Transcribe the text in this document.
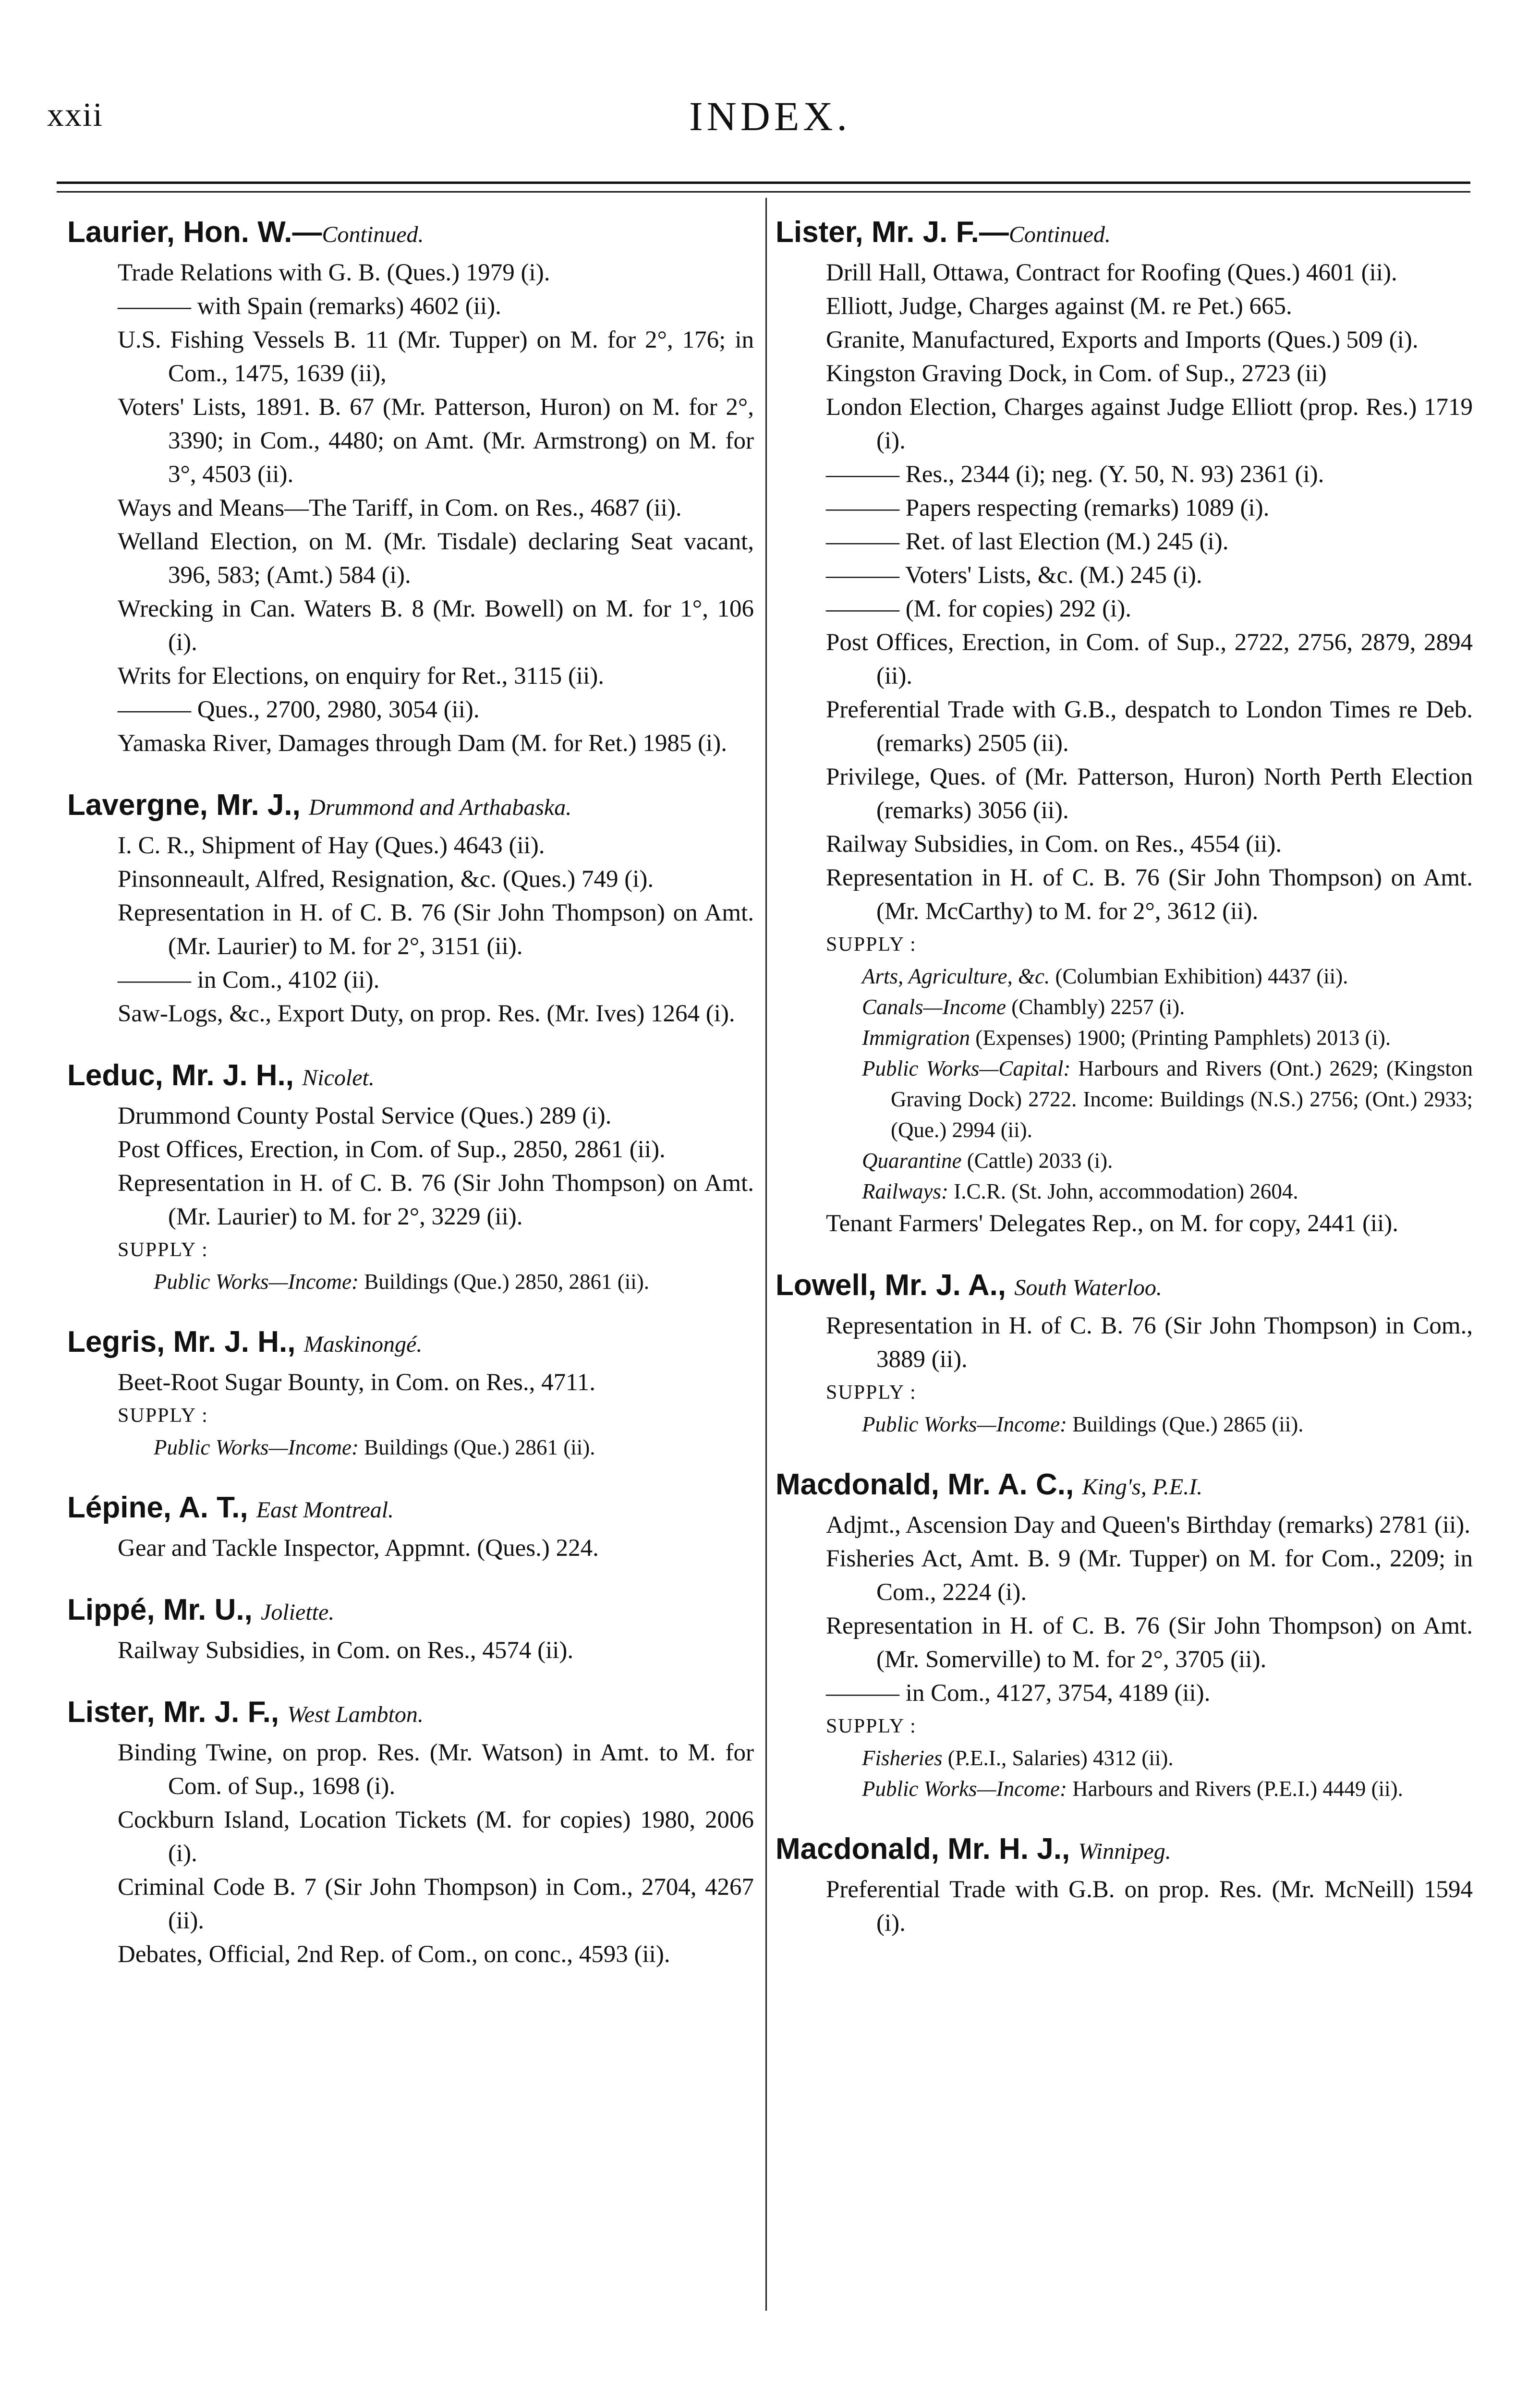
xxii	INDEX.
Laurier, Hon. W.—Continued.
Trade Relations with G. B. (Ques.) 1979 (i).
——— with Spain (remarks) 4602 (ii).
U.S. Fishing Vessels B. 11 (Mr. Tupper) on M. for 2°, 176; in Com., 1475, 1639 (ii),
Voters' Lists, 1891. B. 67 (Mr. Patterson, Huron) on M. for 2°, 3390; in Com., 4480; on Amt. (Mr. Armstrong) on M. for 3°, 4503 (ii).
Ways and Means—The Tariff, in Com. on Res., 4687 (ii).
Welland Election, on M. (Mr. Tisdale) declaring Seat vacant, 396, 583; (Amt.) 584 (i).
Wrecking in Can. Waters B. 8 (Mr. Bowell) on M. for 1°, 106 (i).
Writs for Elections, on enquiry for Ret., 3115 (ii).
——— Ques., 2700, 2980, 3054 (ii).
Yamaska River, Damages through Dam (M. for Ret.) 1985 (i).
Lavergne, Mr. J., Drummond and Arthabaska.
I. C. R., Shipment of Hay (Ques.) 4643 (ii).
Pinsonneault, Alfred, Resignation, &c. (Ques.) 749 (i).
Representation in H. of C. B. 76 (Sir John Thompson) on Amt. (Mr. Laurier) to M. for 2°, 3151 (ii).
——— in Com., 4102 (ii).
Saw-Logs, &c., Export Duty, on prop. Res. (Mr. Ives) 1264 (i).
Leduc, Mr. J. H., Nicolet.
Drummond County Postal Service (Ques.) 289 (i).
Post Offices, Erection, in Com. of Sup., 2850, 2861 (ii).
Representation in H. of C. B. 76 (Sir John Thompson) on Amt. (Mr. Laurier) to M. for 2°, 3229 (ii).
SUPPLY :
Public Works—Income: Buildings (Que.) 2850, 2861 (ii).
Legris, Mr. J. H., Maskinongé.
Beet-Root Sugar Bounty, in Com. on Res., 4711.
SUPPLY :
Public Works—Income: Buildings (Que.) 2861 (ii).
Lépine, A. T., East Montreal.
Gear and Tackle Inspector, Appmnt. (Ques.) 224.
Lippé, Mr. U., Joliette.
Railway Subsidies, in Com. on Res., 4574 (ii).
Lister, Mr. J. F., West Lambton.
Binding Twine, on prop. Res. (Mr. Watson) in Amt. to M. for Com. of Sup., 1698 (i).
Cockburn Island, Location Tickets (M. for copies) 1980, 2006 (i).
Criminal Code B. 7 (Sir John Thompson) in Com., 2704, 4267 (ii).
Debates, Official, 2nd Rep. of Com., on conc., 4593 (ii).
Lister, Mr. J. F.—Continued.
Drill Hall, Ottawa, Contract for Roofing (Ques.) 4601 (ii).
Elliott, Judge, Charges against (M. re Pet.) 665.
Granite, Manufactured, Exports and Imports (Ques.) 509 (i).
Kingston Graving Dock, in Com. of Sup., 2723 (ii)
London Election, Charges against Judge Elliott (prop. Res.) 1719 (i).
——— Res., 2344 (i); neg. (Y. 50, N. 93) 2361 (i).
——— Papers respecting (remarks) 1089 (i).
——— Ret. of last Election (M.) 245 (i).
——— Voters' Lists, &c. (M.) 245 (i).
——— (M. for copies) 292 (i).
Post Offices, Erection, in Com. of Sup., 2722, 2756, 2879, 2894 (ii).
Preferential Trade with G.B., despatch to London Times re Deb. (remarks) 2505 (ii).
Privilege, Ques. of (Mr. Patterson, Huron) North Perth Election (remarks) 3056 (ii).
Railway Subsidies, in Com. on Res., 4554 (ii).
Representation in H. of C. B. 76 (Sir John Thompson) on Amt. (Mr. McCarthy) to M. for 2°, 3612 (ii).
SUPPLY :
Arts, Agriculture, &c. (Columbian Exhibition) 4437 (ii).
Canals—Income (Chambly) 2257 (i).
Immigration (Expenses) 1900; (Printing Pamphlets) 2013 (i).
Public Works—Capital: Harbours and Rivers (Ont.) 2629; (Kingston Graving Dock) 2722. Income: Buildings (N.S.) 2756; (Ont.) 2933; (Que.) 2994 (ii).
Quarantine (Cattle) 2033 (i).
Railways: I.C.R. (St. John, accommodation) 2604.
Tenant Farmers' Delegates Rep., on M. for copy, 2441 (ii).
Lowell, Mr. J. A., South Waterloo.
Representation in H. of C. B. 76 (Sir John Thompson) in Com., 3889 (ii).
SUPPLY :
Public Works—Income: Buildings (Que.) 2865 (ii).
Macdonald, Mr. A. C., King's, P.E.I.
Adjmt., Ascension Day and Queen's Birthday (remarks) 2781 (ii).
Fisheries Act, Amt. B. 9 (Mr. Tupper) on M. for Com., 2209; in Com., 2224 (i).
Representation in H. of C. B. 76 (Sir John Thompson) on Amt. (Mr. Somerville) to M. for 2°, 3705 (ii).
——— in Com., 4127, 3754, 4189 (ii).
SUPPLY :
Fisheries (P.E.I., Salaries) 4312 (ii).
Public Works—Income: Harbours and Rivers (P.E.I.) 4449 (ii).
Macdonald, Mr. H. J., Winnipeg.
Preferential Trade with G.B. on prop. Res. (Mr. McNeill) 1594 (i).
